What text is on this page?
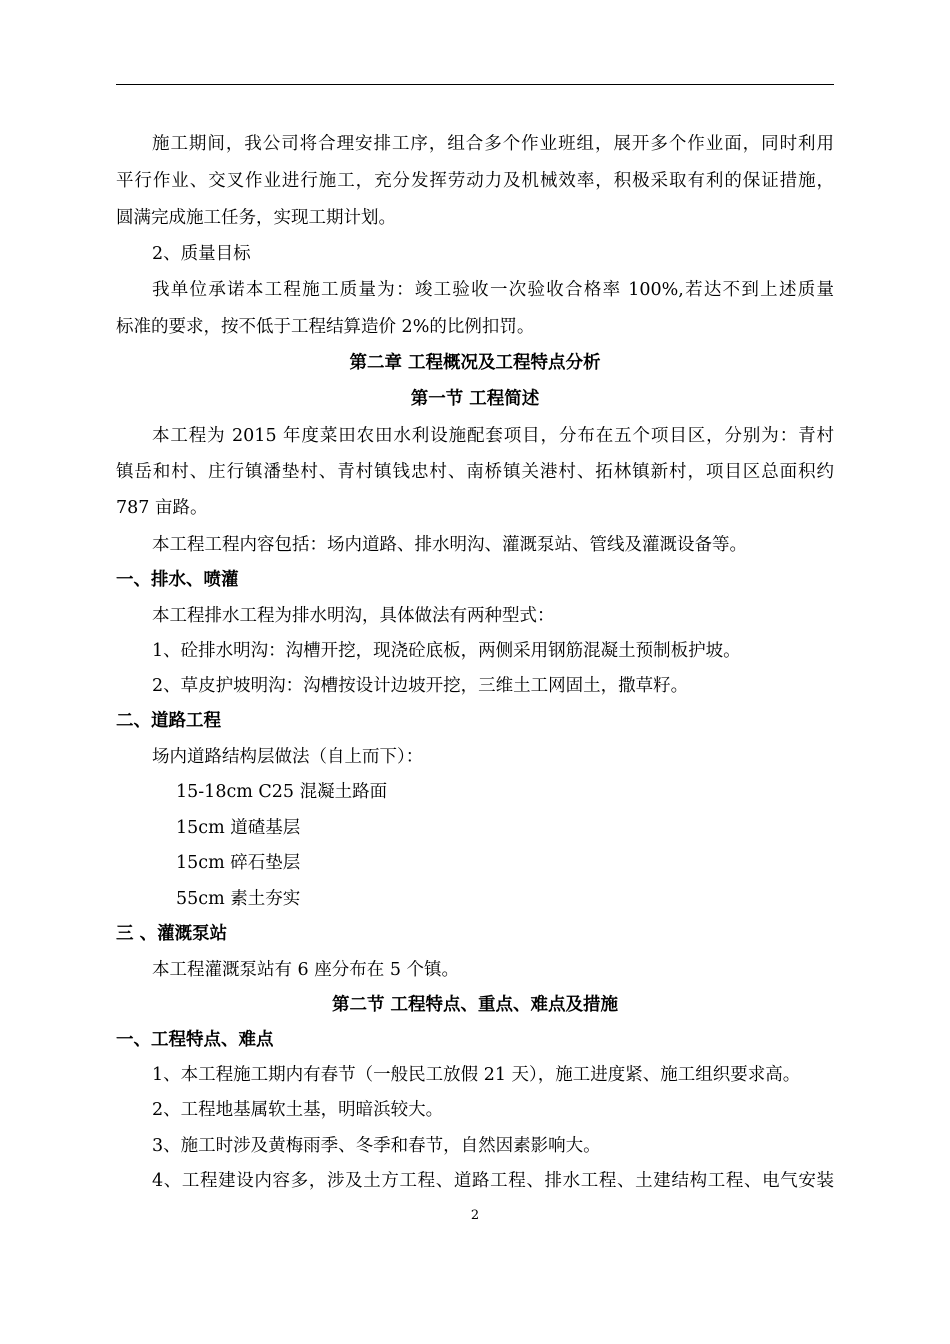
施工期间，我公司将合理安排工序，组合多个作业班组，展开多个作业面，同时利用
平行作业、交叉作业进行施工，充分发挥劳动力及机械效率，积极采取有利的保证措施，
圆满完成施工任务，实现工期计划。
2、质量目标
我单位承诺本工程施工质量为：竣工验收一次验收合格率 100%,若达不到上述质量
标准的要求，按不低于工程结算造价 2%的比例扣罚。
第二章 工程概况及工程特点分析
第一节 工程简述
本工程为 2015 年度菜田农田水利设施配套项目，分布在五个项目区，分别为：青村
镇岳和村、庄行镇潘垫村、青村镇钱忠村、南桥镇关港村、拓林镇新村，项目区总面积约
787 亩路。
本工程工程内容包括：场内道路、排水明沟、灌溉泵站、管线及灌溉设备等。
一、排水、喷灌
本工程排水工程为排水明沟，具体做法有两种型式：
1、砼排水明沟：沟槽开挖，现浇砼底板，两侧采用钢筋混凝土预制板护坡。
2、草皮护坡明沟：沟槽按设计边坡开挖，三维土工网固土，撒草籽。
二、道路工程
场内道路结构层做法（自上而下）：
15-18cm C25 混凝土路面
15cm 道碴基层
15cm 碎石垫层
55cm 素土夯实
三 、灌溉泵站
本工程灌溉泵站有 6 座分布在 5 个镇。
第二节 工程特点、重点、难点及措施
一、工程特点、难点
1、本工程施工期内有春节（一般民工放假 21 天），施工进度紧、施工组织要求高。
2、工程地基属软土基，明暗浜较大。
3、施工时涉及黄梅雨季、冬季和春节，自然因素影响大。
4、工程建设内容多，涉及土方工程、道路工程、排水工程、土建结构工程、电气安装
2
